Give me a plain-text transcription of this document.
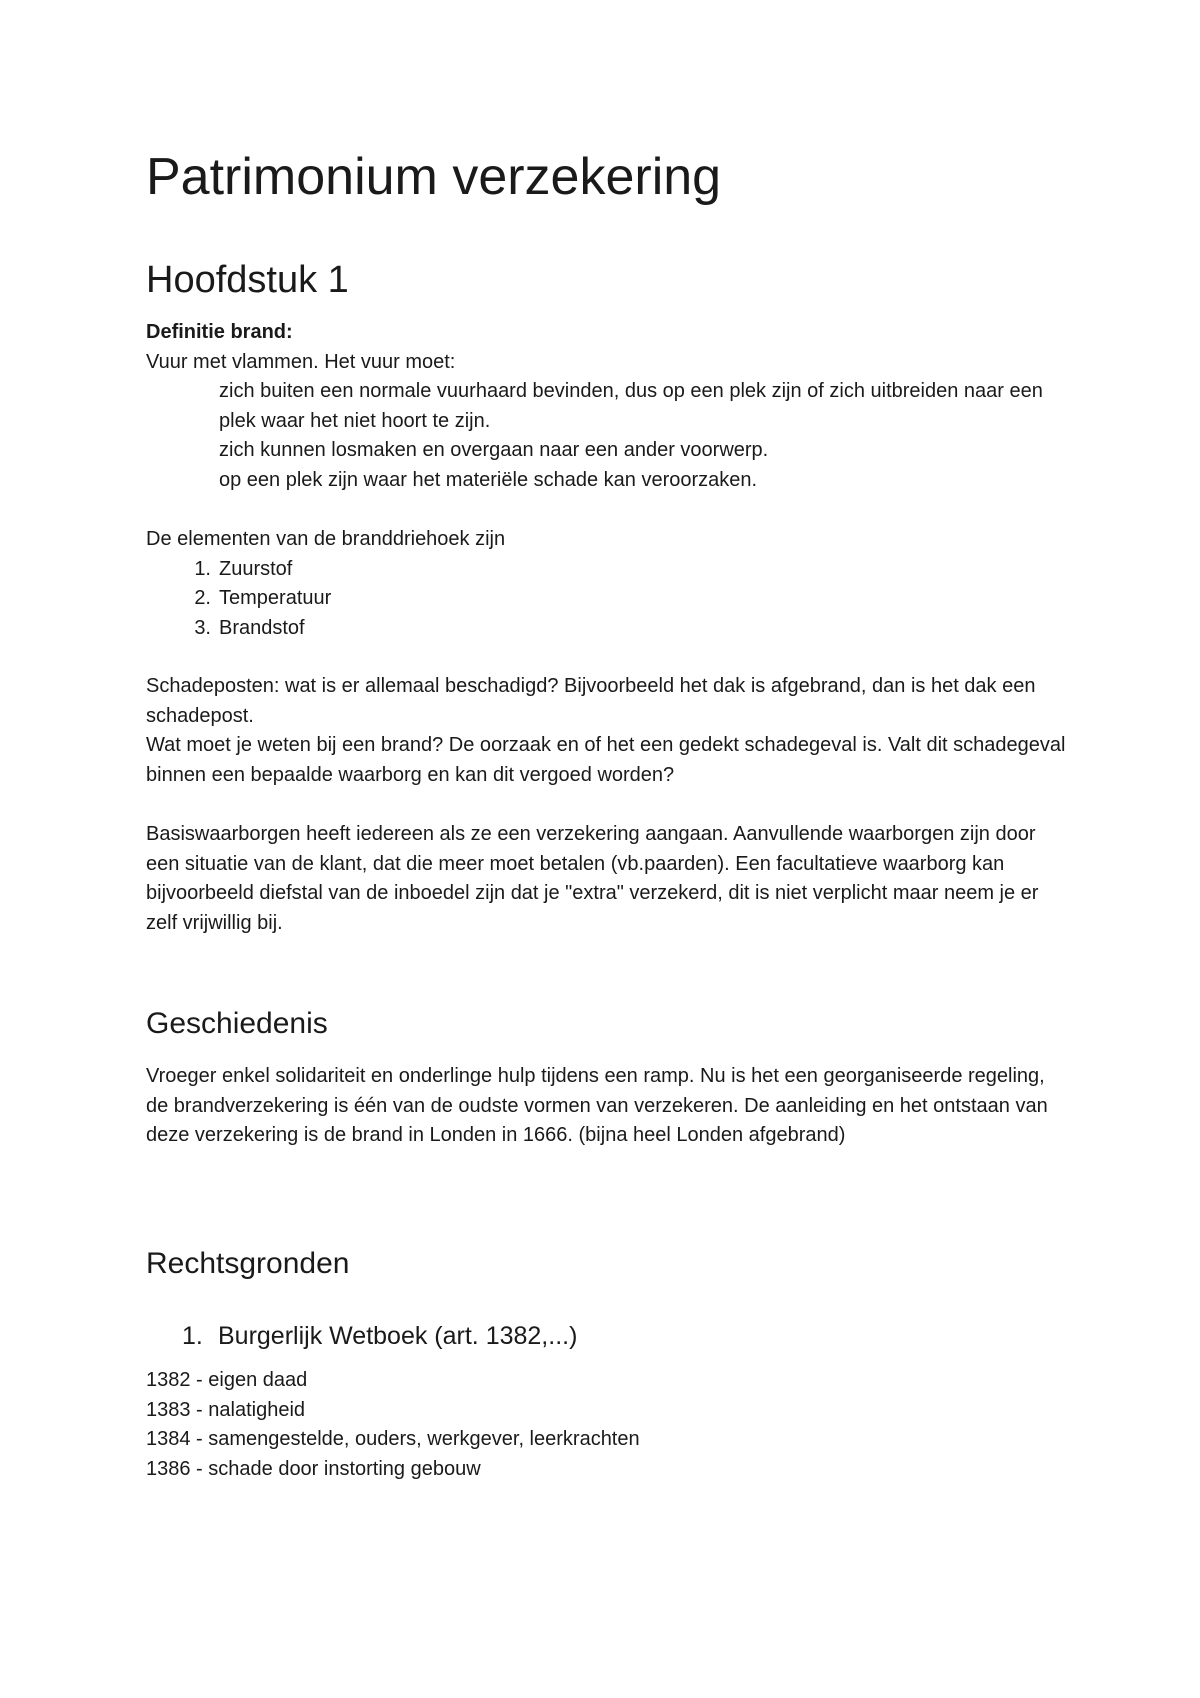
Patrimonium verzekering
Hoofdstuk 1

Definitie brand:

Vuur met vlammen. Het vuur moet:

zich buiten een normale vuurhaard bevinden, dus op een plek zijn of zich uitbreiden naar een plek waar het niet hoort te zijn.

zich kunnen losmaken en overgaan naar een ander voorwerp.

op een plek zijn waar het materiële schade kan veroorzaken.

De elementen van de branddriehoek zijn

1. Zuurstof
2. Temperatuur
3. Brandstof

Schadeposten: wat is er allemaal beschadigd? Bijvoorbeeld het dak is afgebrand, dan is het dak een schadepost.

Wat moet je weten bij een brand? De oorzaak en of het een gedekt schadegeval is. Valt dit schadegeval binnen een bepaalde waarborg en kan dit vergoed worden?

Basiswaarborgen heeft iedereen als ze een verzekering aangaan. Aanvullende waarborgen zijn door een situatie van de klant, dat die meer moet betalen (vb.paarden). Een facultatieve waarborg kan bijvoorbeeld diefstal van de inboedel zijn dat je "extra" verzekerd, dit is niet verplicht maar neem je er zelf vrijwillig bij.

Geschiedenis

Vroeger enkel solidariteit en onderlinge hulp tijdens een ramp. Nu is het een georganiseerde regeling, de brandverzekering is één van de oudste vormen van verzekeren. De aanleiding en het ontstaan van deze verzekering is de brand in Londen in 1666. (bijna heel Londen afgebrand)

Rechtsgronden
1. Burgerlijk Wetboek (art. 1382,...)

1382 - eigen daad

1383 - nalatigheid

1384 - samengestelde, ouders, werkgever, leerkrachten

1386 - schade door instorting gebouw
